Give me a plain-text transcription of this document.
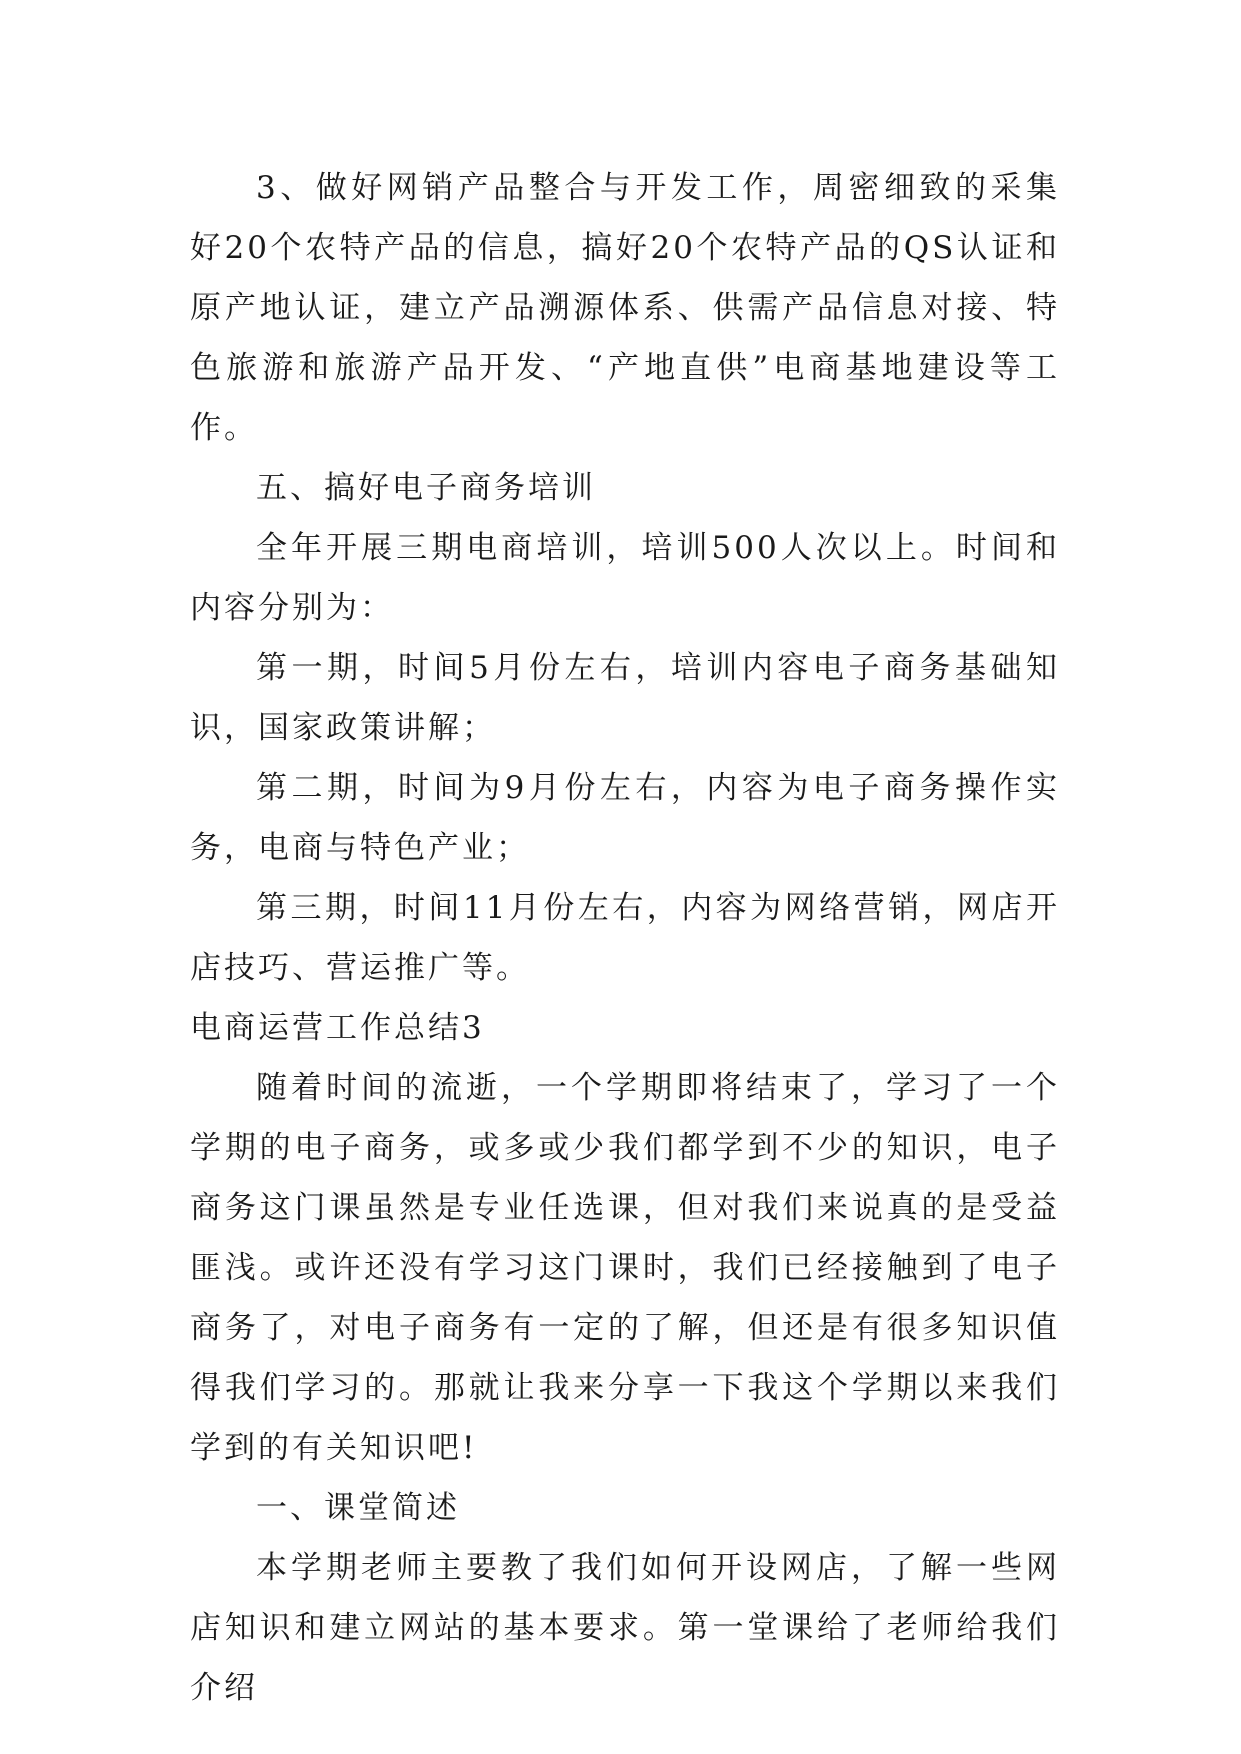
3、做好网销产品整合与开发工作，周密细致的采集好20个农特产品的信息，搞好20个农特产品的QS认证和原产地认证，建立产品溯源体系、供需产品信息对接、特色旅游和旅游产品开发、“产地直供”电商基地建设等工作。

五、搞好电子商务培训

全年开展三期电商培训，培训500人次以上。时间和内容分别为：

第一期，时间5月份左右，培训内容电子商务基础知识，国家政策讲解；

第二期，时间为9月份左右，内容为电子商务操作实务，电商与特色产业；

第三期，时间11月份左右，内容为网络营销，网店开店技巧、营运推广等。

电商运营工作总结3

随着时间的流逝，一个学期即将结束了，学习了一个学期的电子商务，或多或少我们都学到不少的知识，电子商务这门课虽然是专业任选课，但对我们来说真的是受益匪浅。或许还没有学习这门课时，我们已经接触到了电子商务了，对电子商务有一定的了解，但还是有很多知识值得我们学习的。那就让我来分享一下我这个学期以来我们学到的有关知识吧!

一、课堂简述

本学期老师主要教了我们如何开设网店，了解一些网店知识和建立网站的基本要求。第一堂课给了老师给我们介绍
